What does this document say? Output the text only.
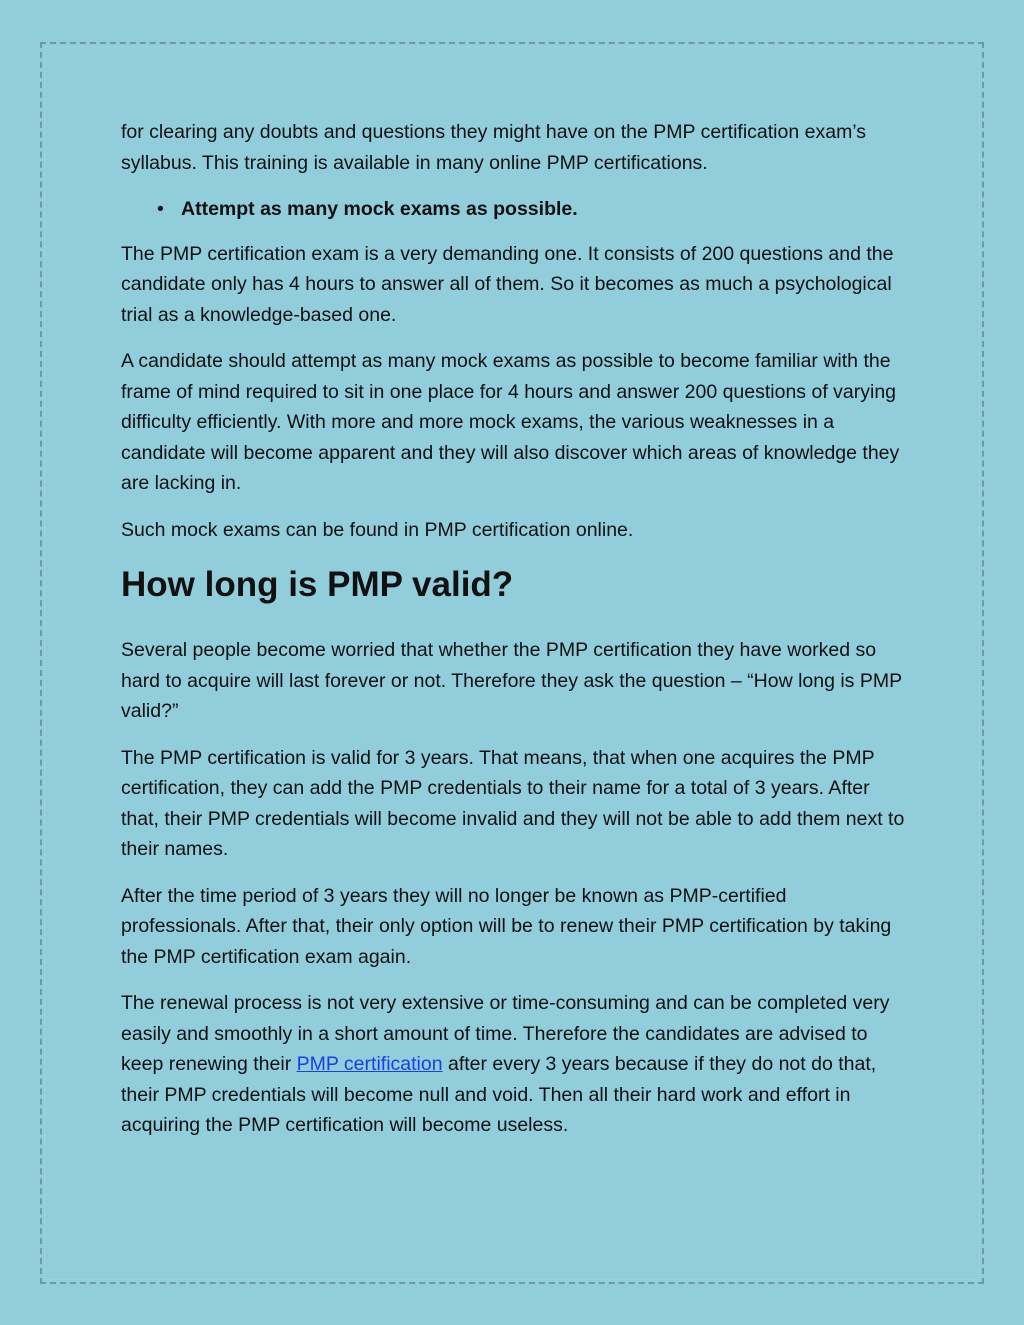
for clearing any doubts and questions they might have on the PMP certification exam’s syllabus. This training is available in many online PMP certifications.

• Attempt as many mock exams as possible.

The PMP certification exam is a very demanding one. It consists of 200 questions and the candidate only has 4 hours to answer all of them. So it becomes as much a psychological trial as a knowledge-based one.

A candidate should attempt as many mock exams as possible to become familiar with the frame of mind required to sit in one place for 4 hours and answer 200 questions of varying difficulty efficiently. With more and more mock exams, the various weaknesses in a candidate will become apparent and they will also discover which areas of knowledge they are lacking in.

Such mock exams can be found in PMP certification online.

How long is PMP valid?

Several people become worried that whether the PMP certification they have worked so hard to acquire will last forever or not. Therefore they ask the question – “How long is PMP valid?”

The PMP certification is valid for 3 years. That means, that when one acquires the PMP certification, they can add the PMP credentials to their name for a total of 3 years. After that, their PMP credentials will become invalid and they will not be able to add them next to their names.

After the time period of 3 years they will no longer be known as PMP-certified professionals. After that, their only option will be to renew their PMP certification by taking the PMP certification exam again.

The renewal process is not very extensive or time-consuming and can be completed very easily and smoothly in a short amount of time. Therefore the candidates are advised to keep renewing their PMP certification after every 3 years because if they do not do that, their PMP credentials will become null and void. Then all their hard work and effort in acquiring the PMP certification will become useless.
